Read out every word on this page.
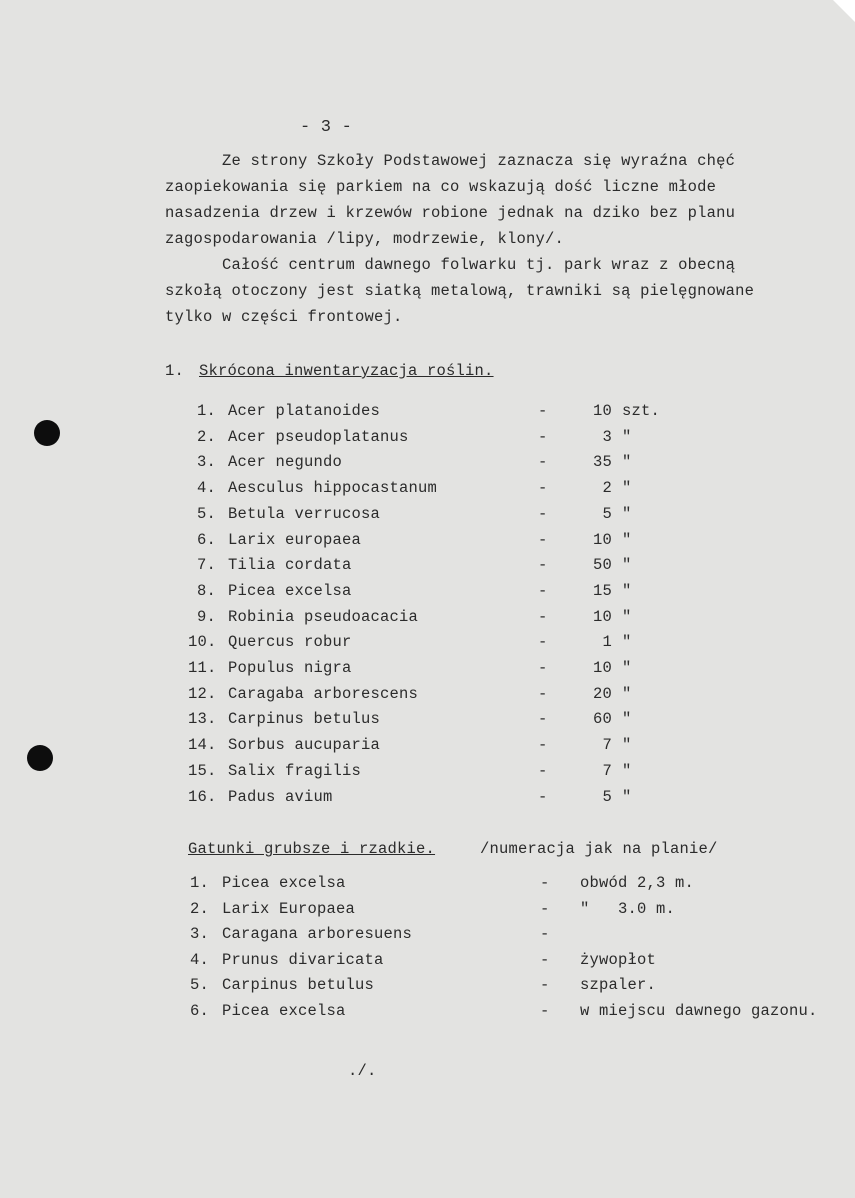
- 3 -
Ze strony Szkoły Podstawowej zaznacza się wyraźna chęć
zaopiekowania się parkiem na co wskazują dość liczne młode
nasadzenia drzew i krzewów robione jednak na dziko bez planu
zagospodarowania /lipy, modrzewie, klony/.
Całość centrum dawnego folwarku tj. park wraz z obecną
szkołą otoczony jest siatką metalową, trawniki są pielęgnowane
tylko w części frontowej.
1. Skrócona inwentaryzacja roślin.
1. Acer platanoides	-	10 szt.
2. Acer pseudoplatanus	-	3 "
3. Acer negundo	-	35 "
4. Aesculus hippocastanum	-	2 "
5. Betula verrucosa	-	5 "
6. Larix europaea	-	10 "
7. Tilia cordata	-	50 "
8. Picea excelsa	-	15 "
9. Robinia pseudoacacia	-	10 "
10. Quercus robur	-	1 "
11. Populus nigra	-	10 "
12. Caragaba arborescens	-	20 "
13. Carpinus betulus	-	60 "
14. Sorbus aucuparia	-	7 "
15. Salix fragilis	-	7 "
16. Padus avium	-	5 "
Gatunki grubsze i rzadkie.	/numeracja jak na planie/
1. Picea excelsa	- obwód 2,3 m.
2. Larix Europaea	- "   3.0 m.
3. Caragana arboresuens	-
4. Prunus divaricata	- żywopłot
5. Carpinus betulus	- szpaler.
6. Picea excelsa	- w miejscu dawnego gazonu.
./.
